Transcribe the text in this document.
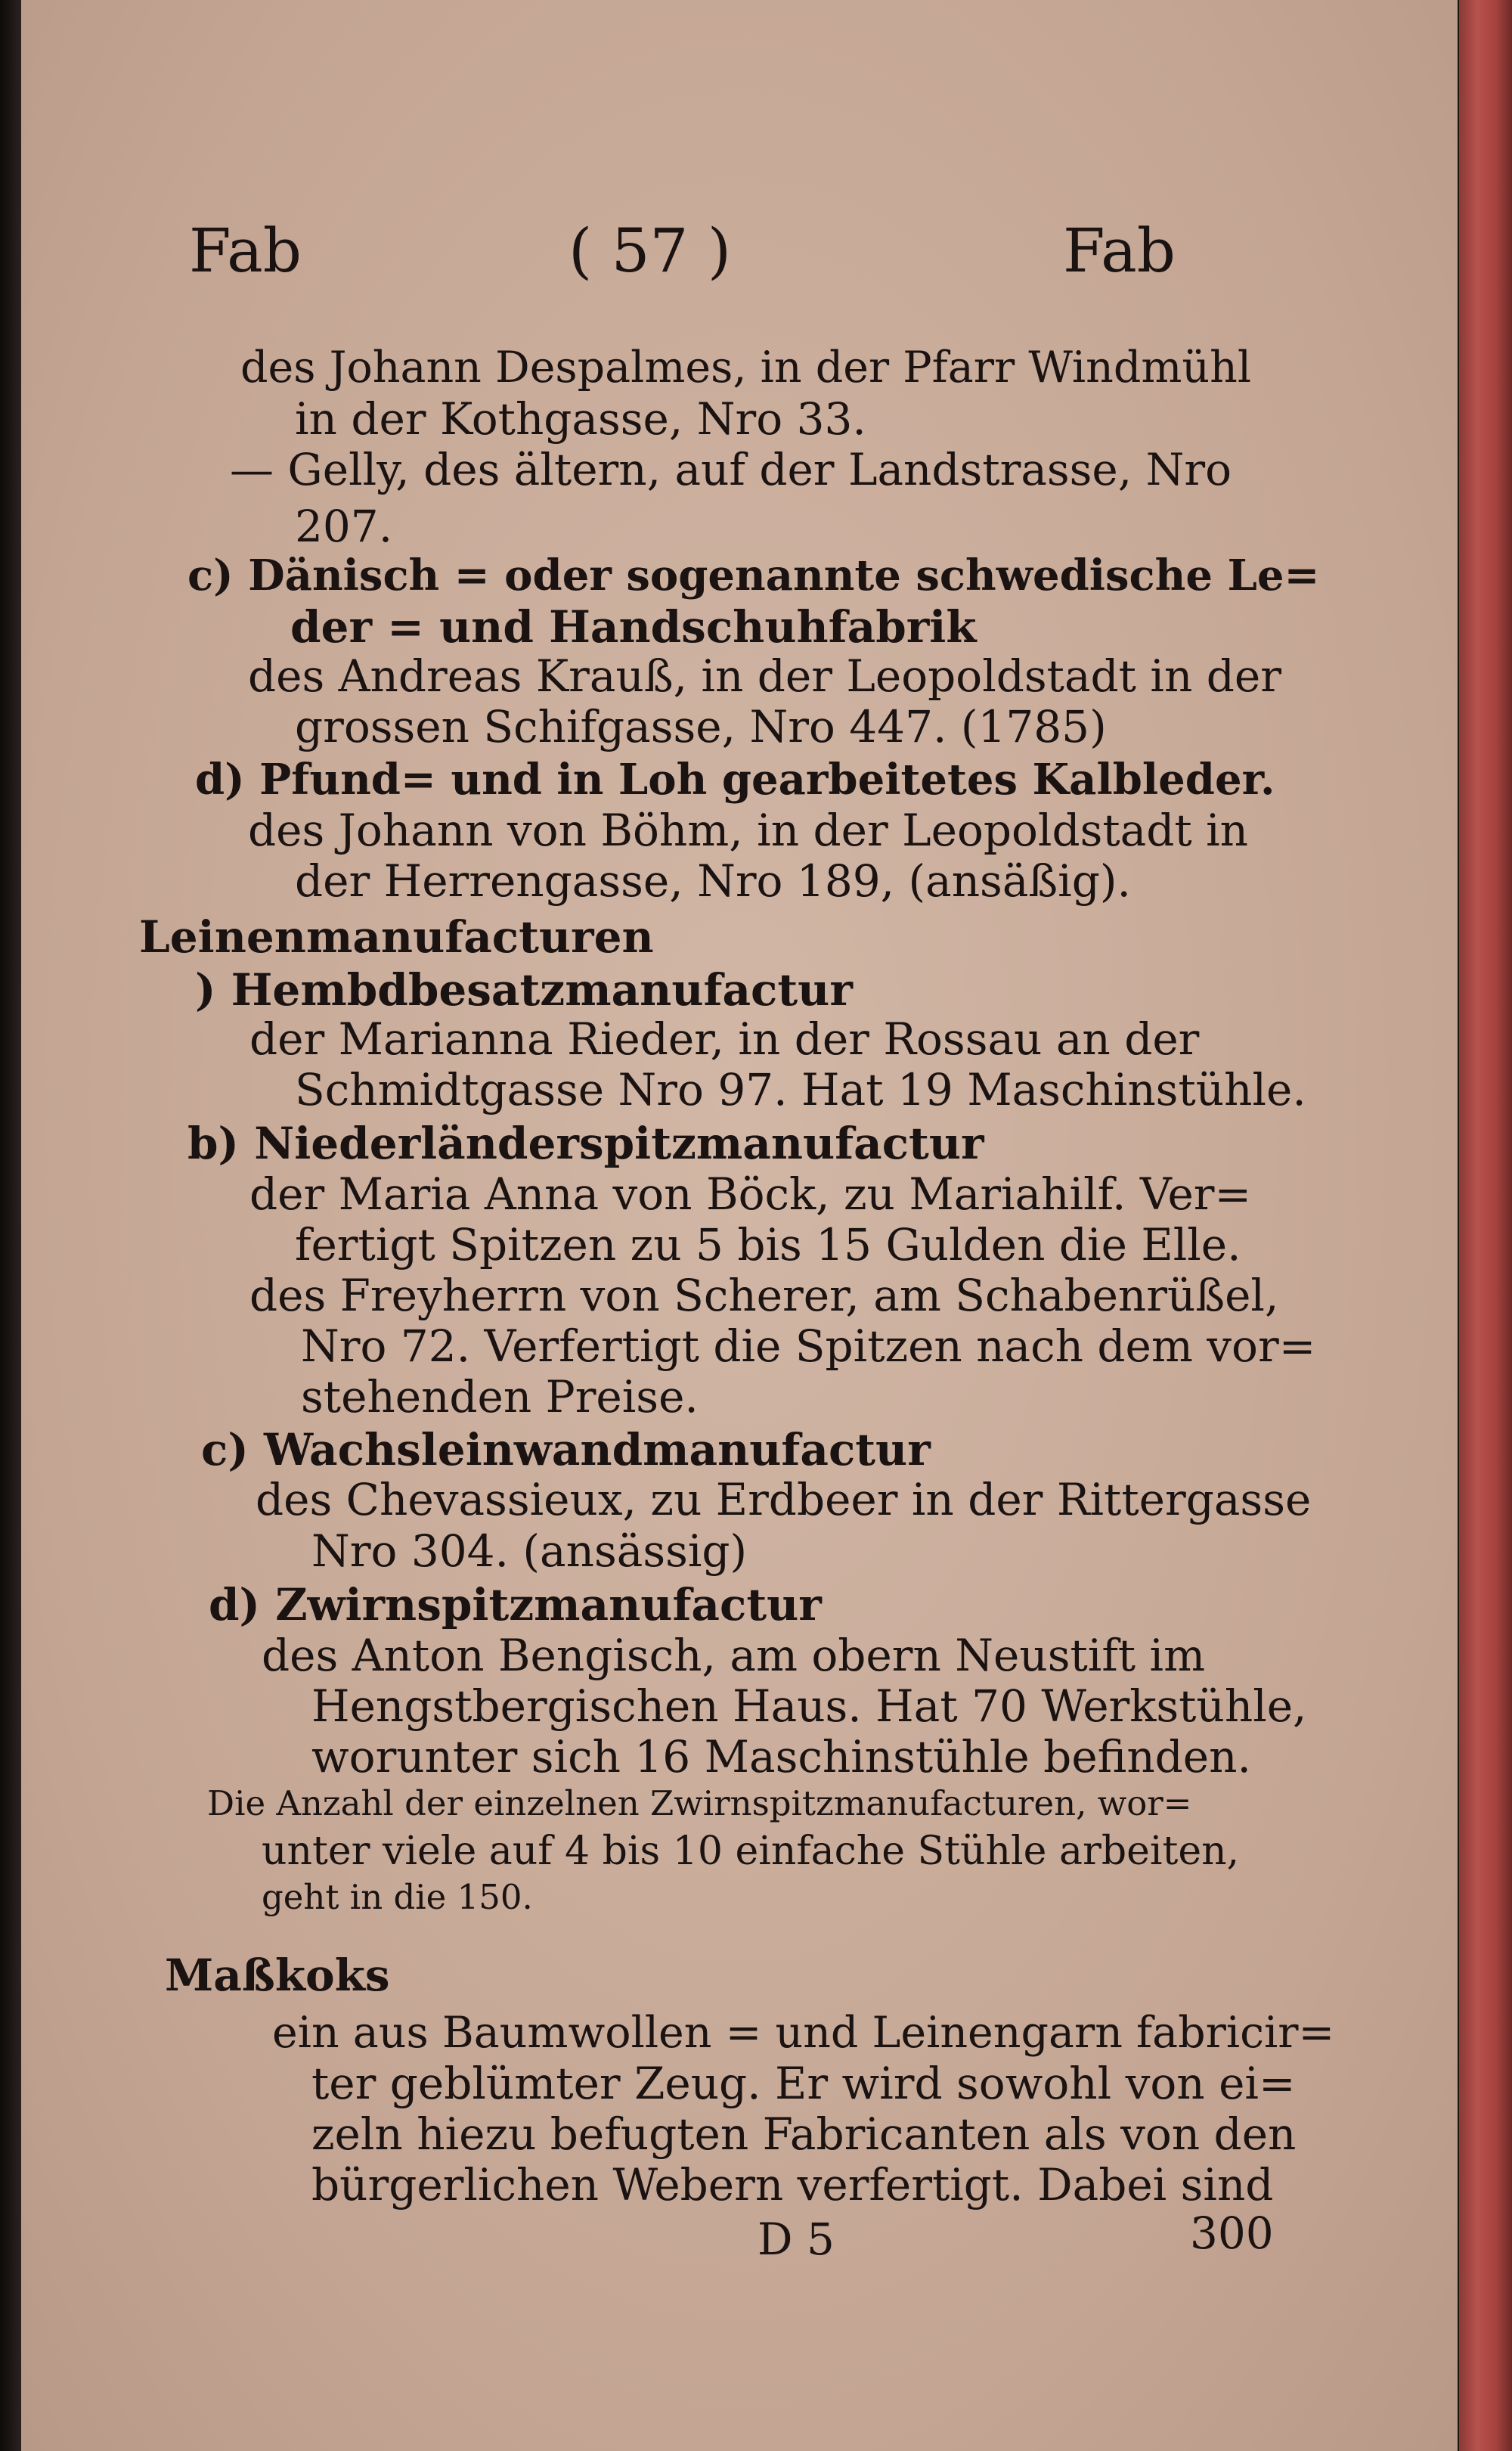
Fab	( 57 )	Fab
des Johann Despalmes, in der Pfarr Windmühl
in der Kothgasse, Nro 33.
— Gelly, des ältern, auf der Landstrasse, Nro
207.
c) Dänisch = oder sogenannte schwedische Le=
der = und Handschuhfabrik
des Andreas Krauß, in der Leopoldstadt in der
grossen Schifgasse, Nro 447. (1785)
d) Pfund= und in Loh gearbeitetes Kalbleder.
des Johann von Böhm, in der Leopoldstadt in
der Herrengasse, Nro 189, (ansäßig).
Leinenmanufacturen
) Hembdbesatzmanufactur
der Marianna Rieder, in der Rossau an der
Schmidtgasse Nro 97. Hat 19 Maschinstühle.
b) Niederländerspitzmanufactur
der Maria Anna von Böck, zu Mariahilf. Ver=
fertigt Spitzen zu 5 bis 15 Gulden die Elle.
des Freyherrn von Scherer, am Schabenrüßel,
Nro 72. Verfertigt die Spitzen nach dem vor=
stehenden Preise.
c) Wachsleinwandmanufactur
des Chevassieux, zu Erdbeer in der Rittergasse
Nro 304. (ansässig)
d) Zwirnspitzmanufactur
des Anton Bengisch, am obern Neustift im
Hengstbergischen Haus. Hat 70 Werkstühle,
worunter sich 16 Maschinstühle befinden.
Die Anzahl der einzelnen Zwirnspitzmanufacturen, wor=
unter viele auf 4 bis 10 einfache Stühle arbeiten,
geht in die 150.
Maßkoks
ein aus Baumwollen = und Leinengarn fabricir=
ter geblümter Zeug. Er wird sowohl von ei=
zeln hiezu befugten Fabricanten als von den
bürgerlichen Webern verfertigt. Dabei sind
D 5	300
